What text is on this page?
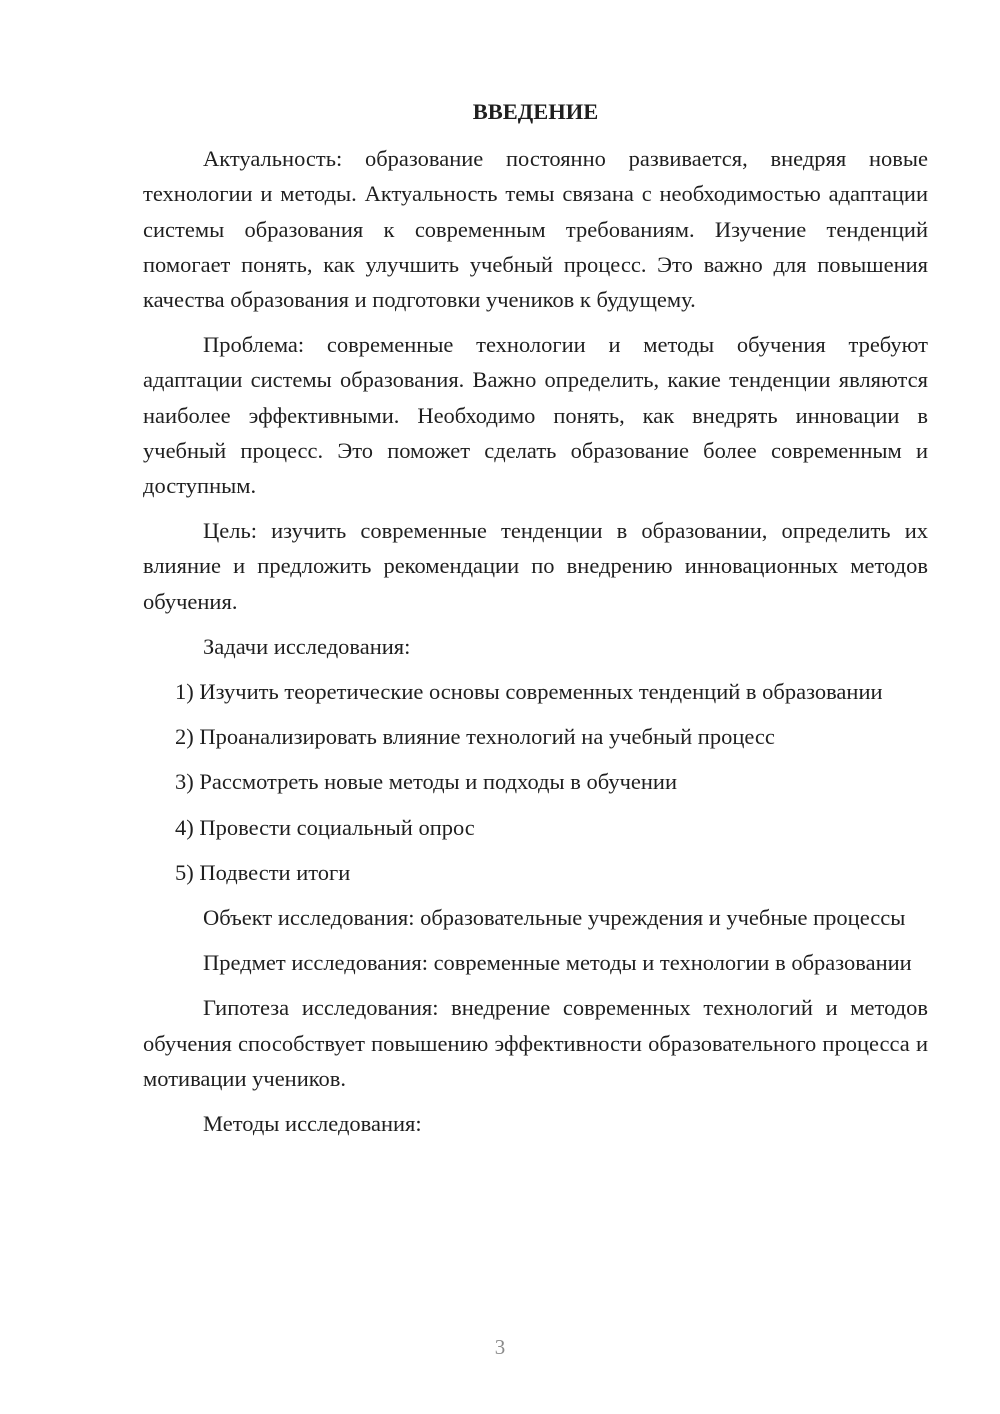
ВВЕДЕНИЕ

Актуальность: образование постоянно развивается, внедряя новые технологии и методы. Актуальность темы связана с необходимостью адаптации системы образования к современным требованиям. Изучение тенденций помогает понять, как улучшить учебный процесс. Это важно для повышения качества образования и подготовки учеников к будущему.

Проблема: современные технологии и методы обучения требуют адаптации системы образования. Важно определить, какие тенденции являются наиболее эффективными. Необходимо понять, как внедрять инновации в учебный процесс. Это поможет сделать образование более современным и доступным.

Цель: изучить современные тенденции в образовании, определить их влияние и предложить рекомендации по внедрению инновационных методов обучения.

Задачи исследования:

1) Изучить теоретические основы современных тенденций в образовании

2) Проанализировать влияние технологий на учебный процесс

3) Рассмотреть новые методы и подходы в обучении

4) Провести социальный опрос

5) Подвести итоги

Объект исследования: образовательные учреждения и учебные процессы

Предмет исследования: современные методы и технологии в образовании

Гипотеза исследования: внедрение современных технологий и методов обучения способствует повышению эффективности образовательного процесса и мотивации учеников.

Методы исследования:

3
